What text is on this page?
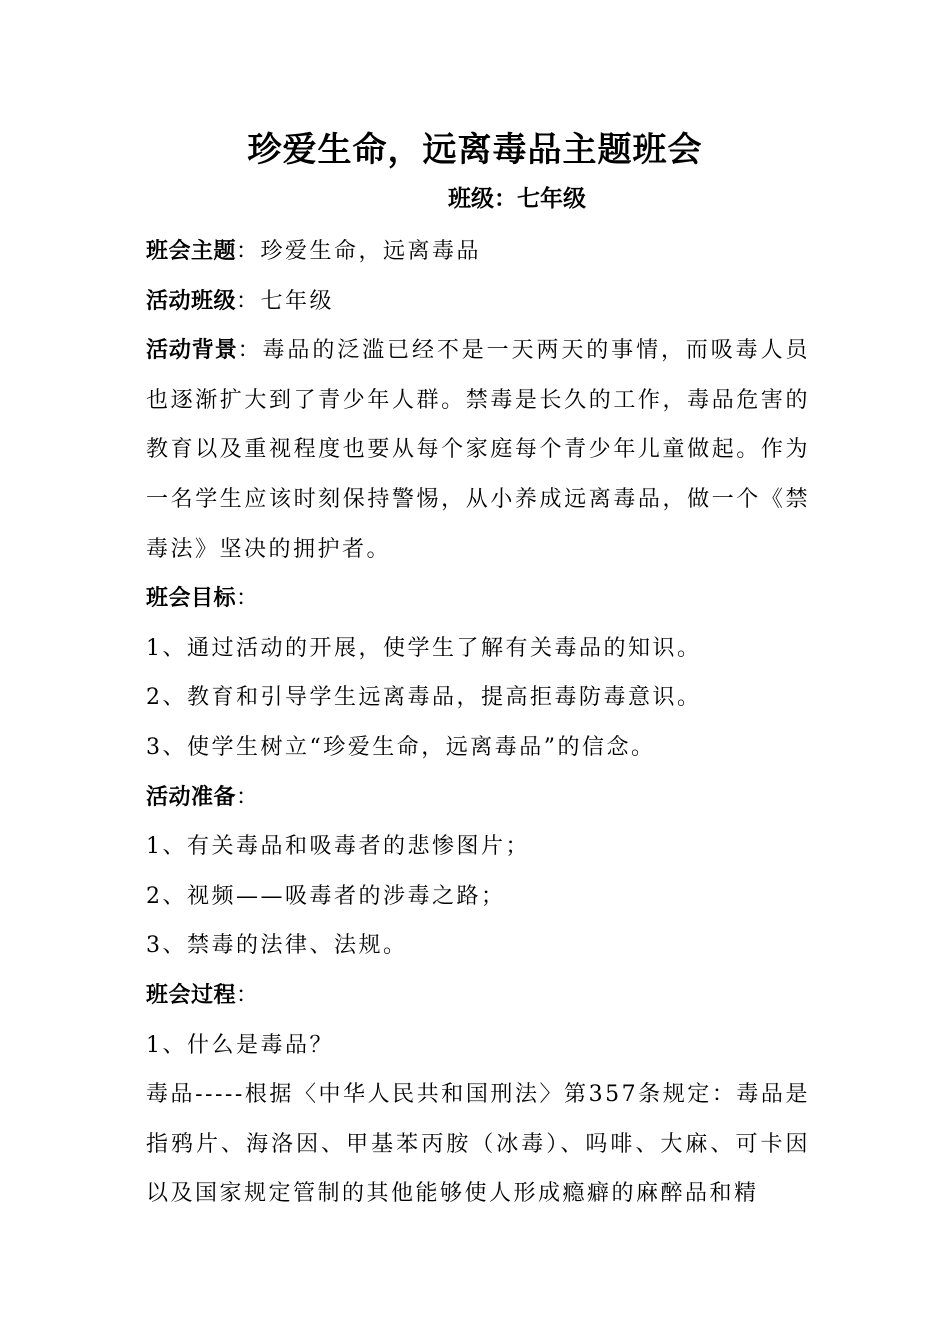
珍爱生命，远离毒品主题班会
班级：七年级

班会主题：珍爱生命，远离毒品

活动班级：七年级

活动背景：毒品的泛滥已经不是一天两天的事情，而吸毒人员也逐渐扩大到了青少年人群。禁毒是长久的工作，毒品危害的教育以及重视程度也要从每个家庭每个青少年儿童做起。作为一名学生应该时刻保持警惕，从小养成远离毒品，做一个《禁毒法》坚决的拥护者。

班会目标：

1、通过活动的开展，使学生了解有关毒品的知识。

2、教育和引导学生远离毒品，提高拒毒防毒意识。

3、使学生树立“珍爱生命，远离毒品”的信念。

活动准备：

1、有关毒品和吸毒者的悲惨图片；

2、视频——吸毒者的涉毒之路；

3、禁毒的法律、法规。

班会过程：

1、什么是毒品？

毒品-----根据〈中华人民共和国刑法〉第357条规定：毒品是指鸦片、海洛因、甲基苯丙胺（冰毒）、吗啡、大麻、可卡因以及国家规定管制的其他能够使人形成瘾癖的麻醉品和精
